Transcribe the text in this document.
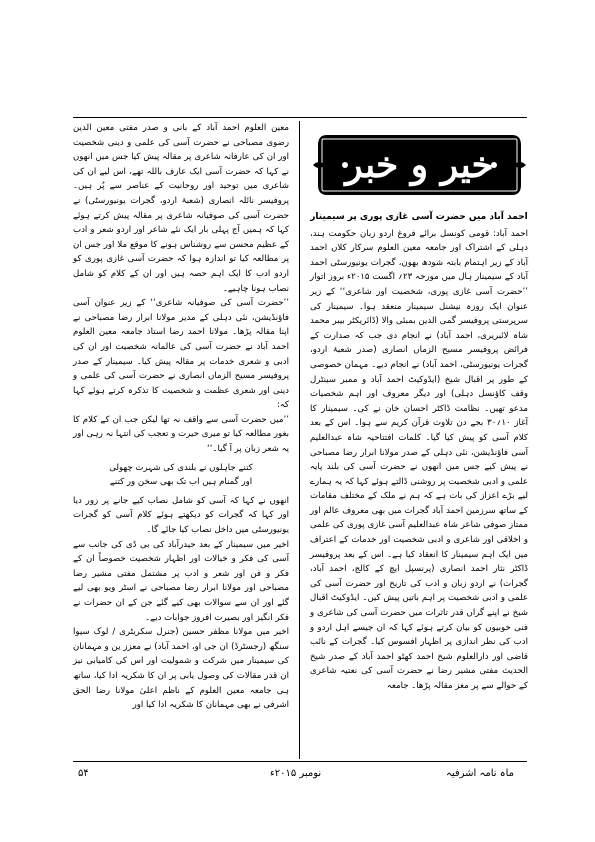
خیر و خبر

احمد آباد میں حضرت آسی غازی پوری پر سیمینار

احمد آباد: قومی کونسل برائے فروغ اردو زبان حکومت ہند، دہلی کے اشتراک اور جامعہ معین العلوم سرکار کلاں احمد آباد کے زیر اہتمام بابتہ شودھ بھون، گجرات یونیورسٹی احمد آباد کے سیمینار ہال میں مورخہ ۲۳؍ اگست ۲۰۱۵ء بروز اتوار ’’حضرت آسی غازی پوری، شخصیت اور شاعری‘‘ کے زیر عنوان ایک روزہ نیشنل سیمینار منعقد ہوا۔ سیمینار کی سرپرستی پروفیسر گمی الدین بمبئی والا (ڈائریکٹر بیبر محمد شاہ لائبریری، احمد آباد) نے انجام دی جب کہ صدارت کے فرائض پروفیسر مسیح الزماں انصاری (صدر شعبۂ اردو، گجرات یونیورسٹی، احمد آباد) نے انجام دیے۔ مہمان خصوصی کے طور پر اقبال شیخ (ایڈوکیٹ احمد آباد و ممبر سینٹرل وقف کاؤنسل دہلی) اور دیگر معروف اور اہم شخصیات مدعو تھیں۔ نظامت ڈاکٹر احسان خان نے کی۔ سیمینار کا آغاز ۱۰؍۳۰ بجے دن تلاوت قرآن کریم سے ہوا۔ اس کے بعد کلام آسی کو پیش کیا گیا۔ کلمات افتتاحیہ شاہ عبدالعلیم آسی فاؤنڈیشن، نئی دہلی کے صدر مولانا ابرار رضا مصباحی نے پیش کیے جس میں انھوں نے حضرت آسی کی بلند پایہ علمی و ادبی شخصیت پر روشنی ڈالتے ہوئے کہا کہ یہ ہمارے لیے بڑے اعزاز کی بات ہے کہ ہم نے ملک کے مختلف مقامات کے ساتھ سرزمین احمد آباد گجرات میں بھی معروف عالم اور ممتاز صوفی شاعر شاہ عبدالعلیم آسی غازی پوری کی علمی و اخلاقی اور شاعری و ادبی شخصیت اور خدمات کے اعتراف میں ایک اہم سیمینار کا انعقاد کیا ہے۔ اس کے بعد پروفیسر ڈاکٹر نثار احمد انصاری (پرنسپل ایچ کے کالج، احمد آباد، گجرات) نے اردو زبان و ادب کی تاریخ اور حضرت آسی کی علمی و ادبی شخصیت پر اہم باتیں پیش کیں۔ ایڈوکیٹ اقبال شیخ نے اپنے گراں قدر تاثرات میں حضرت آسی کی شاعری و فنی خوبیوں کو بیان کرتے ہوئے کہا کہ ان جیسے اہل اردو و ادب کی نظر اندازی پر اظہار افسوس کیا۔ گجرات کے نائب قاضی اور دارالعلوم شیخ احمد کھٹو احمد آباد کے صدر شیخ الحدیث مفتی مشیر رضا نے حضرت آسی کی نعتیہ شاعری کے حوالے سے پر مغز مقالہ پڑھا۔ جامعہ

معین العلوم احمد آباد کے بانی و صدر مفتی معین الدین رضوی مصباحی نے حضرت آسی کی علمی و دینی شخصیت اور ان کی عارفانہ شاعری پر مقالہ پیش کیا جس میں انھوں نے کہا کہ حضرت آسی ایک عارف باللہ تھے، اس لیے ان کی شاعری میں توحید اور روحانیت کے عناصر سے پُر ہیں۔ پروفیسر نائلہ انصاری (شعبۂ اردو، گجرات یونیورسٹی) نے حضرت آسی کی صوفیانہ شاعری پر مقالہ پیش کرتے ہوئے کہا کہ ہمیں آج پہلی بار ایک نئے شاعر اور اردو شعر و ادب کے عظیم محسن سے روشناس ہونے کا موقع ملا اور جس ان پر مطالعہ کیا تو اندازہ ہوا کہ حضرت آسی غازی پوری کو اردو ادب کا ایک اہم حصہ ہیں اور ان کے کلام کو شامل نصاب ہونا چاہیے۔

’’حضرت آسی کی صوفیانہ شاعری‘‘ کے زیر عنوان آسی فاؤنڈیشن، نئی دہلی کے مدیر مولانا ابرار رضا مصباحی نے اپنا مقالہ پڑھا۔ مولانا احمد رضا استاذ جامعہ معین العلوم احمد آباد نے حضرت آسی کی عالمانہ شخصیت اور ان کی ادبی و شعری خدمات پر مقالہ پیش کیا۔ سیمینار کے صدر پروفیسر مسیح الزماں انصاری نے حضرت آسی کی علمی و دینی اور شعری عظمت و شخصیت کا تذکرہ کرتے ہوئے کہا کہ:

’’میں حضرت آسی سے واقف نہ تھا لیکن جب ان کے کلام کا بغور مطالعہ کیا تو میری حیرت و تعجب کی انتہا نہ رہی اور یہ شعر زبان پر آ گیا۔‘‘

کتنے جاہلوں نے بلندی کی شہرت چھولی

اور گمنام ہیں اب تک بھی سخن ور کتنے

انھوں نے کہا کہ آسی کو شامل نصاب کیے جانے پر زور دیا اور کہا کہ گجرات کو دیکھتے ہوئے کلام آسی کو گجرات یونیورسٹی میں داخل نصاب کیا جائے گا۔

اخیر میں سیمینار کے بعد حیدرآباد کی بی ڈی کی جانب سے آسی کی فکر و خیالات اور اظہار شخصیت خصوصاً ان کے فکر و فن اور شعر و ادب پر مشتمل مفتی مشیر رضا مصباحی اور مولانا ابرار رضا مصباحی نے اسٹر ویو بھی لیے گئے اور ان سے سوالات بھی کیے گئے جن کے ان حضرات نے فکر انگیز اور بصیرت افروز جوابات دیے۔

اخیر میں مولانا مظفر حسین (جنرل سکریٹری / لوک سیوا سنگھ (رجسٹرڈ) ان جی او، احمد آباد) نے معزز ین و مہمانان کی سیمینار میں شرکت و شمولیت اور اس کی کامیابی نیز ان قدر مقالات کی وصول یابی پر ان کا شکریہ ادا کیا، ساتھ ہی جامعہ معین العلوم کے ناظم اعلیٰ مولانا رضا الحق اشرفی نے بھی مہمانان کا شکریہ ادا کیا اور

۵۴	نومبر ۲۰۱۵ء	ماہ نامہ اشرفیہ
